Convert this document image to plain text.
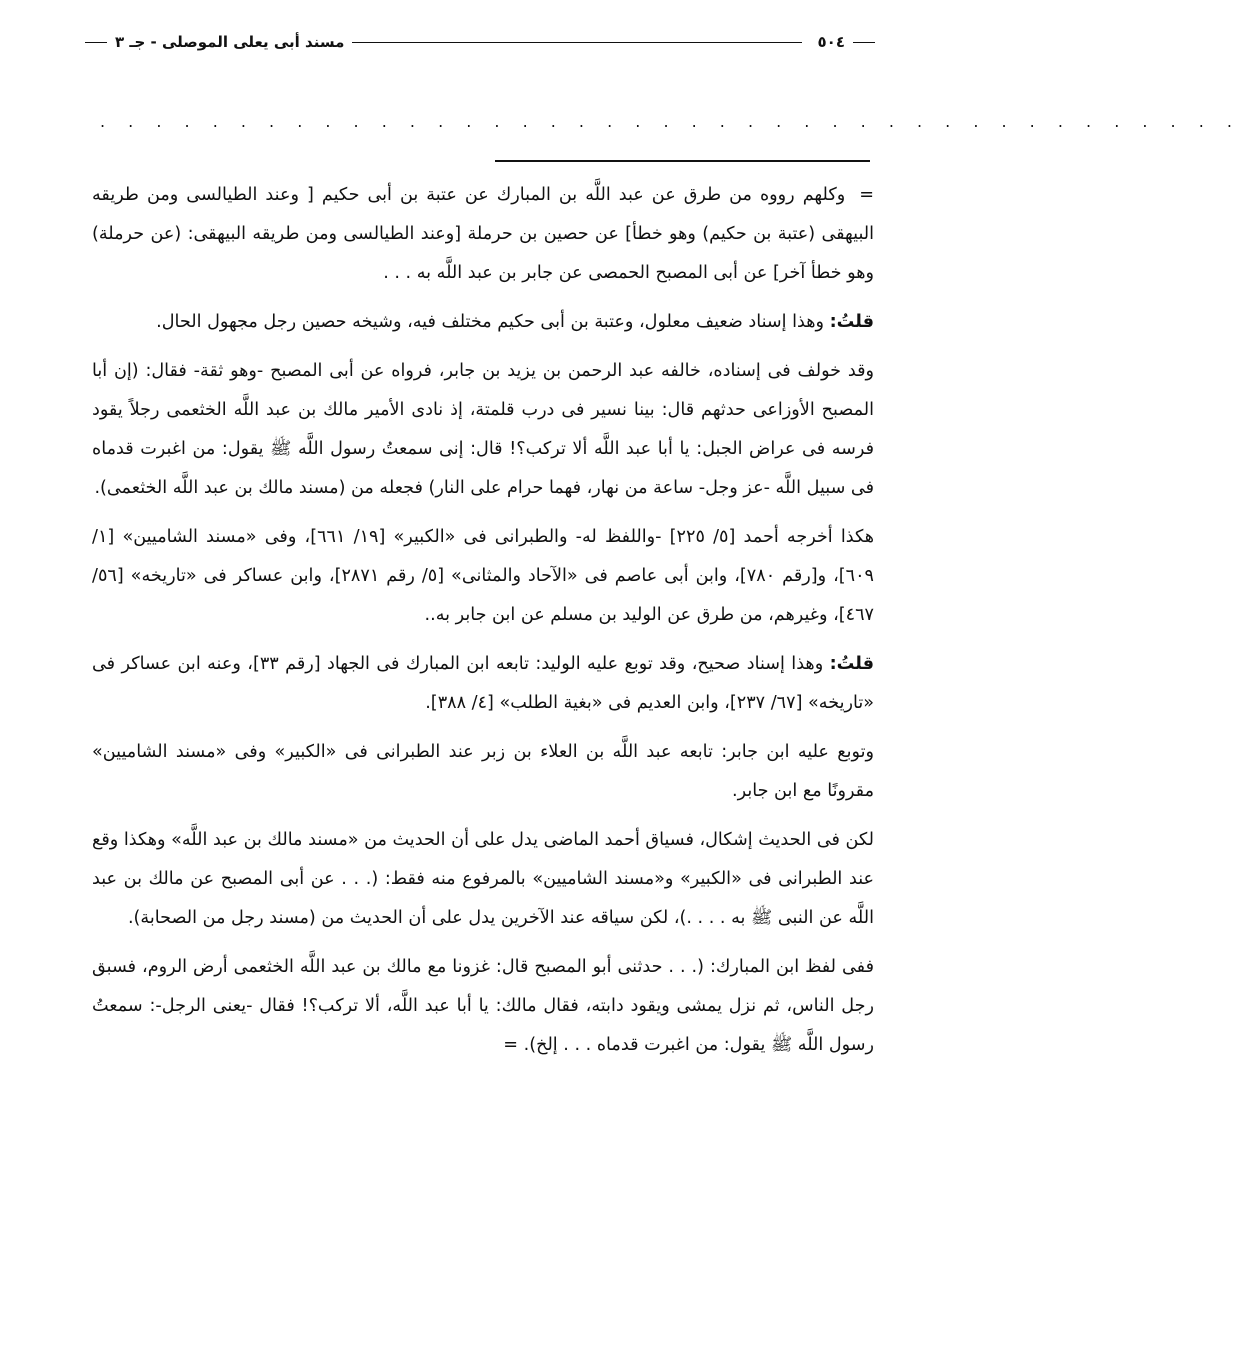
٥٠٤
مسند أبى يعلى الموصلى - جـ ٣
. . . . . . . . . . . . . . . . . . . . . . . . . . . . . . . . . . . . . . . . .

= وكلهم رووه من طرق عن عبد اللَّه بن المبارك عن عتبة بن أبى حكيم [ وعند الطيالسى ومن طريقه البيهقى (عتبة بن حكيم) وهو خطأ] عن حصين بن حرملة [وعند الطيالسى ومن طريقه البيهقى: (عن حرملة) وهو خطأ آخر] عن أبى المصبح الحمصى عن جابر بن عبد اللَّه به . . .

قلتُ: وهذا إسناد ضعيف معلول، وعتبة بن أبى حكيم مختلف فيه، وشيخه حصين رجل مجهول الحال.

وقد خولف فى إسناده، خالفه عبد الرحمن بن يزيد بن جابر، فرواه عن أبى المصبح -وهو ثقة- فقال: (إن أبا المصبح الأوزاعى حدثهم قال: بينا نسير فى درب قلمتة، إذ نادى الأمير مالك بن عبد اللَّه الخثعمى رجلاً يقود فرسه فى عراض الجبل: يا أبا عبد اللَّه ألا تركب؟! قال: إنى سمعتُ رسول اللَّه ﷺ يقول: من اغبرت قدماه فى سبيل اللَّه -عز وجل- ساعة من نهار، فهما حرام على النار) فجعله من (مسند مالك بن عبد اللَّه الخثعمى).

هكذا أخرجه أحمد [٥/ ٢٢٥] -واللفظ له- والطبرانى فى «الكبير» [١٩/ ٦٦١]، وفى «مسند الشاميين» [١/ ٦٠٩]، و[رقم ٧٨٠]، وابن أبى عاصم فى «الآحاد والمثانى» [٥/ رقم ٢٨٧١]، وابن عساكر فى «تاريخه» [٥٦/ ٤٦٧]، وغيرهم، من طرق عن الوليد بن مسلم عن ابن جابر به..

قلتُ: وهذا إسناد صحيح، وقد توبع عليه الوليد: تابعه ابن المبارك فى الجهاد [رقم ٣٣]، وعنه ابن عساكر فى «تاريخه» [٦٧/ ٢٣٧]، وابن العديم فى «بغية الطلب» [٤/ ٣٨٨].

وتوبع عليه ابن جابر: تابعه عبد اللَّه بن العلاء بن زبر عند الطبرانى فى «الكبير» وفى «مسند الشاميين» مقرونًا مع ابن جابر.

لكن فى الحديث إشكال، فسياق أحمد الماضى يدل على أن الحديث من «مسند مالك بن عبد اللَّه» وهكذا وقع عند الطبرانى فى «الكبير» و«مسند الشاميين» بالمرفوع منه فقط: (. . . عن أبى المصبح عن مالك بن عبد اللَّه عن النبى ﷺ به . . . .)، لكن سياقه عند الآخرين يدل على أن الحديث من (مسند رجل من الصحابة).

ففى لفظ ابن المبارك: (. . . حدثنى أبو المصبح قال: غزونا مع مالك بن عبد اللَّه الخثعمى أرض الروم، فسبق رجل الناس، ثم نزل يمشى ويقود دابته، فقال مالك: يا أبا عبد اللَّه، ألا تركب؟! فقال -يعنى الرجل-: سمعتُ رسول اللَّه ﷺ يقول: من اغبرت قدماه . . . إلخ). =
